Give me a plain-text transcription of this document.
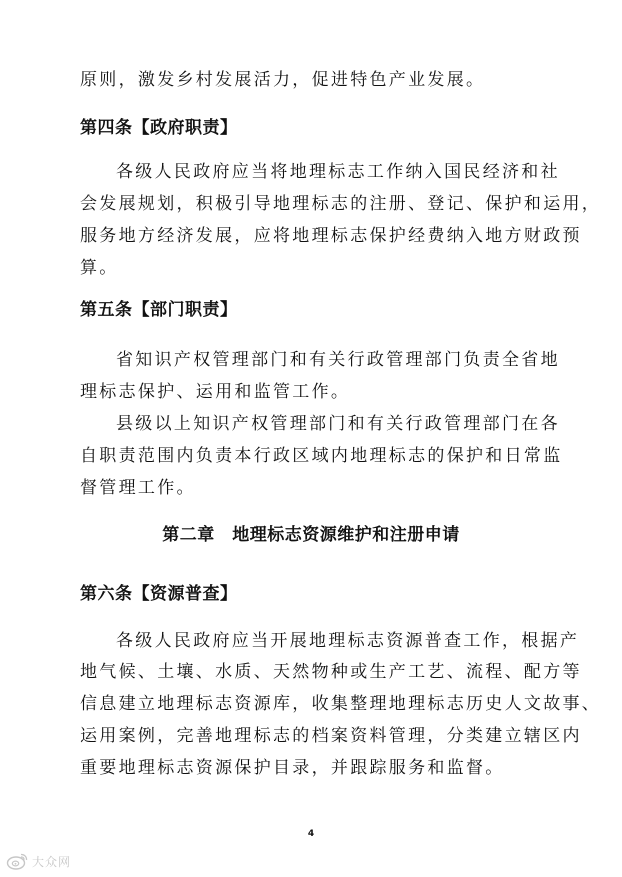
原则，激发乡村发展活力，促进特色产业发展。
第四条【政府职责】
各级人民政府应当将地理标志工作纳入国民经济和社
会发展规划，积极引导地理标志的注册、登记、保护和运用，
服务地方经济发展，应将地理标志保护经费纳入地方财政预
算。
第五条【部门职责】
省知识产权管理部门和有关行政管理部门负责全省地
理标志保护、运用和监管工作。
县级以上知识产权管理部门和有关行政管理部门在各
自职责范围内负责本行政区域内地理标志的保护和日常监
督管理工作。
第二章　地理标志资源维护和注册申请
第六条【资源普查】
各级人民政府应当开展地理标志资源普查工作，根据产
地气候、土壤、水质、天然物种或生产工艺、流程、配方等
信息建立地理标志资源库，收集整理地理标志历史人文故事、
运用案例，完善地理标志的档案资料管理，分类建立辖区内
重要地理标志资源保护目录，并跟踪服务和监督。
4
大众网
